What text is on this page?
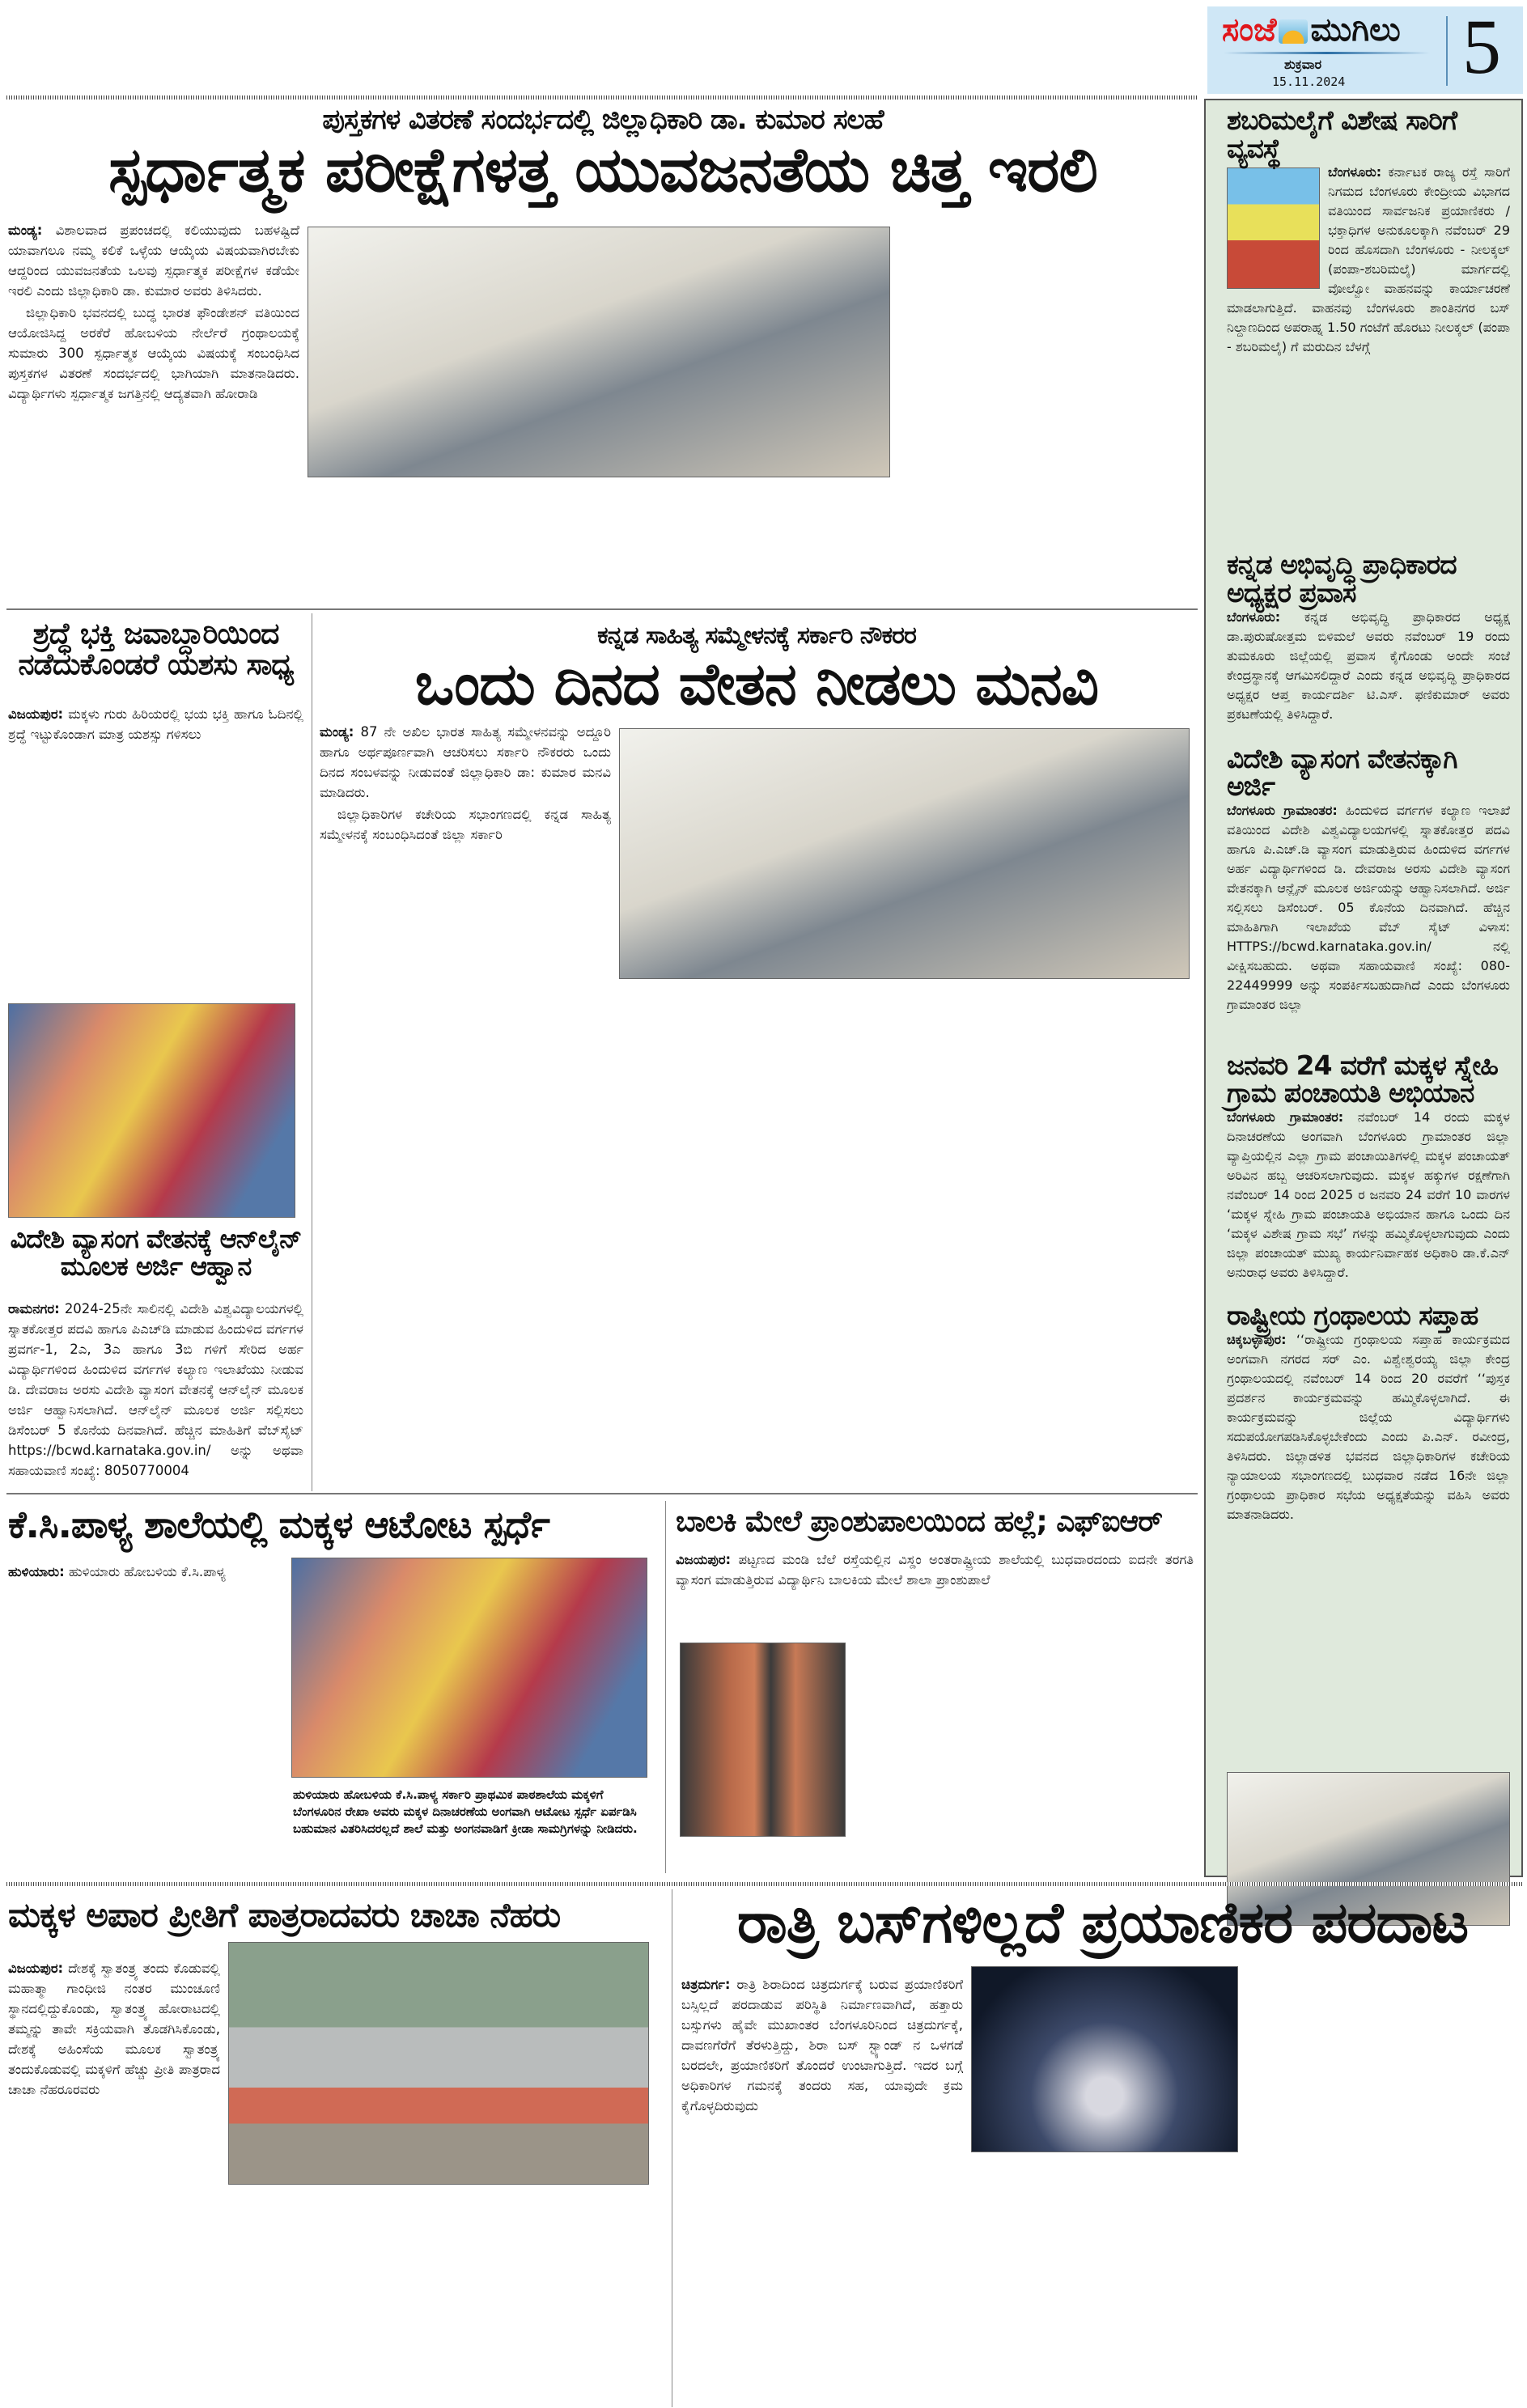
ಸಂಜೆ ಮುಗಿಲು
ಶುಕ್ರವಾರ
15.11.2024 5
ಪುಸ್ತಕಗಳ ವಿತರಣೆ ಸಂದರ್ಭದಲ್ಲಿ ಜಿಲ್ಲಾಧಿಕಾರಿ ಡಾ. ಕುಮಾರ ಸಲಹೆ
ಸ್ಪರ್ಧಾತ್ಮಕ ಪರೀಕ್ಷೆಗಳತ್ತ ಯುವಜನತೆಯ ಚಿತ್ತ ಇರಲಿ

ಮಂಡ್ಯ: ವಿಶಾಲವಾದ ಪ್ರಪಂಚದಲ್ಲಿ ಕಲಿಯುವುದು ಬಹಳಷ್ಟಿದೆ ಯಾವಾಗಲೂ ನಮ್ಮ ಕಲಿಕೆ ಒಳ್ಳೆಯ ಆಯ್ಕೆಯ ವಿಷಯವಾಗಿರಬೇಕು ಆದ್ದರಿಂದ ಯುವಜನತೆಯ ಒಲವು ಸ್ಪರ್ಧಾತ್ಮಕ ಪರೀಕ್ಷೆಗಳ ಕಡೆಯೇ ಇರಲಿ ಎಂದು ಜಿಲ್ಲಾಧಿಕಾರಿ ಡಾ. ಕುಮಾರ ಅವರು ತಿಳಿಸಿದರು.

ಜಿಲ್ಲಾಧಿಕಾರಿ ಭವನದಲ್ಲಿ ಬುದ್ಧ ಭಾರತ ಫೌಂಡೇಶನ್ ವತಿಯಿಂದ ಆಯೋಜಿಸಿದ್ದ ಅರಕೆರೆ ಹೋಬಳಿಯ ನೇರ್ಲೆರೆ ಗ್ರಂಥಾಲಯಕ್ಕೆ ಸುಮಾರು 300 ಸ್ಪರ್ಧಾತ್ಮಕ ಆಯ್ಕೆಯ ವಿಷಯಕ್ಕೆ ಸಂಬಂಧಿಸಿದ ಪುಸ್ತಕಗಳ ವಿತರಣೆ ಸಂದರ್ಭದಲ್ಲಿ ಭಾಗಿಯಾಗಿ ಮಾತನಾಡಿದರು. ವಿದ್ಯಾರ್ಥಿಗಳು ಸ್ಪರ್ಧಾತ್ಮಕ ಜಗತ್ತಿನಲ್ಲಿ ಆದ್ಯತವಾಗಿ ಹೋರಾಡಿ

ಶ್ರದ್ಧೆ ಭಕ್ತಿ ಜವಾಬ್ದಾರಿಯಿಂದ ನಡೆದುಕೊಂಡರೆ ಯಶಸು ಸಾಧ್ಯ

ವಿಜಯಪುರ: ಮಕ್ಕಳು ಗುರು ಹಿರಿಯರಲ್ಲಿ ಭಯ ಭಕ್ತಿ ಹಾಗೂ ಓದಿನಲ್ಲಿ ಶ್ರದ್ಧೆ ಇಟ್ಟುಕೊಂಡಾಗ ಮಾತ್ರ ಯಶಸ್ಸು ಗಳಿಸಲು

ವಿದೇಶಿ ವ್ಯಾಸಂಗ ವೇತನಕ್ಕೆ ಆನ್‌ಲೈನ್ ಮೂಲಕ ಅರ್ಜಿ ಆಹ್ವಾನ

ರಾಮನಗರ: 2024-25ನೇ ಸಾಲಿನಲ್ಲಿ ವಿದೇಶಿ ವಿಶ್ವವಿದ್ಯಾಲಯಗಳಲ್ಲಿ ಸ್ನಾತಕೋತ್ತರ ಪದವಿ ಹಾಗೂ ಪಿಎಚ್‌ಡಿ ಮಾಡುವ ಹಿಂದುಳಿದ ವರ್ಗಗಳ ಪ್ರವರ್ಗ-1, 2ಎ, 3ಎ ಹಾಗೂ 3ಬಿ ಗಳಿಗೆ ಸೇರಿದ ಅರ್ಹ ವಿದ್ಯಾರ್ಥಿಗಳಿಂದ ಹಿಂದುಳಿದ ವರ್ಗಗಳ ಕಲ್ಯಾಣ ಇಲಾಖೆಯು ನೀಡುವ ಡಿ. ದೇವರಾಜ ಅರಸು ವಿದೇಶಿ ವ್ಯಾಸಂಗ ವೇತನಕ್ಕೆ ಆನ್‌ಲೈನ್ ಮೂಲಕ ಅರ್ಜಿ ಆಹ್ವಾನಿಸಲಾಗಿದೆ. ಆನ್‌ಲೈನ್ ಮೂಲಕ ಅರ್ಜಿ ಸಲ್ಲಿಸಲು ಡಿಸೆಂಬರ್ 5 ಕೊನೆಯ ದಿನವಾಗಿದೆ. ಹೆಚ್ಚಿನ ಮಾಹಿತಿಗೆ ವೆಬ್‌ಸೈಟ್ https://bcwd.karnataka.gov.in/ ಅನ್ನು ಅಥವಾ ಸಹಾಯವಾಣಿ ಸಂಖ್ಯೆ: 8050770004

ಕನ್ನಡ ಸಾಹಿತ್ಯ ಸಮ್ಮೇಳನಕ್ಕೆ ಸರ್ಕಾರಿ ನೌಕರರ
ಒಂದು ದಿನದ ವೇತನ ನೀಡಲು ಮನವಿ

ಮಂಡ್ಯ: 87 ನೇ ಅಖಿಲ ಭಾರತ ಸಾಹಿತ್ಯ ಸಮ್ಮೇಳನವನ್ನು ಅದ್ದೂರಿ ಹಾಗೂ ಅರ್ಥಪೂರ್ಣವಾಗಿ ಆಚರಿಸಲು ಸರ್ಕಾರಿ ನೌಕರರು ಒಂದು ದಿನದ ಸಂಬಳವನ್ನು ನೀಡುವಂತೆ ಜಿಲ್ಲಾಧಿಕಾರಿ ಡಾ: ಕುಮಾರ ಮನವಿ ಮಾಡಿದರು.

ಜಿಲ್ಲಾಧಿಕಾರಿಗಳ ಕಚೇರಿಯ ಸಭಾಂಗಣದಲ್ಲಿ ಕನ್ನಡ ಸಾಹಿತ್ಯ ಸಮ್ಮೇಳನಕ್ಕೆ ಸಂಬಂಧಿಸಿದಂತೆ ಜಿಲ್ಲಾ ಸರ್ಕಾರಿ

ಕೆ.ಸಿ.ಪಾಳ್ಯ ಶಾಲೆಯಲ್ಲಿ ಮಕ್ಕಳ ಆಟೋಟ ಸ್ಪರ್ಧೆ

ಹುಳಿಯಾರು: ಹುಳಿಯಾರು ಹೋಬಳಿಯ ಕೆ.ಸಿ.ಪಾಳ್ಯ

ಹುಳಿಯಾರು ಹೋಬಳಿಯ ಕೆ.ಸಿ.ಪಾಳ್ಯ ಸರ್ಕಾರಿ ಪ್ರಾಥಮಿಕ ಪಾಠಶಾಲೆಯ ಮಕ್ಕಳಿಗೆ ಬೆಂಗಳೂರಿನ ರೇಖಾ ಅವರು ಮಕ್ಕಳ ದಿನಾಚರಣೆಯ ಅಂಗವಾಗಿ ಆಟೋಟ ಸ್ಪರ್ಧೆ ಏರ್ಪಡಿಸಿ ಬಹುಮಾನ ವಿತರಿಸಿದರಲ್ಲದೆ ಶಾಲೆ ಮತ್ತು ಅಂಗನವಾಡಿಗೆ ಕ್ರೀಡಾ ಸಾಮಗ್ರಿಗಳನ್ನು ನೀಡಿದರು.
ಬಾಲಕಿ ಮೇಲೆ ಪ್ರಾಂಶುಪಾಲಯಿಂದ ಹಲ್ಲೆ; ಎಫ್‌ಐಆರ್

ವಿಜಯಪುರ: ಪಟ್ಟಣದ ಮಂಡಿ ಬೆಲೆ ರಸ್ತೆಯಲ್ಲಿನ ವಿಸ್ಡಂ ಅಂತರಾಷ್ಟ್ರೀಯ ಶಾಲೆಯಲ್ಲಿ ಬುಧವಾರದಂದು ಐದನೇ ತರಗತಿ ವ್ಯಾಸಂಗ ಮಾಡುತ್ತಿರುವ ವಿದ್ಯಾರ್ಥಿನಿ ಬಾಲಕಿಯ ಮೇಲೆ ಶಾಲಾ ಪ್ರಾಂಶುಪಾಲೆ

ಶಬರಿಮಲೈಗೆ ವಿಶೇಷ ಸಾರಿಗೆ ವ್ಯವಸ್ಥೆ
ಬೆಂಗಳೂರು: ಕರ್ನಾಟಕ ರಾಜ್ಯ ರಸ್ತೆ ಸಾರಿಗೆ ನಿಗಮದ ಬೆಂಗಳೂರು ಕೇಂದ್ರೀಯ ವಿಭಾಗದ ವತಿಯಿಂದ ಸಾರ್ವಜನಿಕ ಪ್ರಯಾಣಿಕರು / ಭಕ್ತಾಧಿಗಳ ಅನುಕೂಲಕ್ಕಾಗಿ ನವೆಂಬರ್ 29 ರಿಂದ ಹೊಸದಾಗಿ ಬೆಂಗಳೂರು - ನೀಲಕ್ಕಲ್ (ಪಂಪಾ-ಶಬರಿಮಲೈ) ಮಾರ್ಗದಲ್ಲಿ ವೋಲ್ವೋ ವಾಹನವನ್ನು ಕಾರ್ಯಾಚರಣೆ ಮಾಡಲಾಗುತ್ತಿದೆ. ವಾಹನವು ಬೆಂಗಳೂರು ಶಾಂತಿನಗರ ಬಸ್ ನಿಲ್ದಾಣದಿಂದ ಅಪರಾಹ್ನ 1.50 ಗಂಟೆಗೆ ಹೊರಟು ನೀಲಕ್ಕಲ್ (ಪಂಪಾ - ಶಬರಿಮಲೈ) ಗೆ ಮರುದಿನ ಬೆಳಗ್ಗೆ
ಕನ್ನಡ ಅಭಿವೃದ್ಧಿ ಪ್ರಾಧಿಕಾರದ ಅಧ್ಯಕ್ಷರ ಪ್ರವಾಸ
ಬೆಂಗಳೂರು: ಕನ್ನಡ ಅಭಿವೃದ್ಧಿ ಪ್ರಾಧಿಕಾರದ ಅಧ್ಯಕ್ಷ ಡಾ.ಪುರುಷೋತ್ತಮ ಬಿಳಿಮಲೆ ಅವರು ನವೆಂಬರ್ 19 ರಂದು ತುಮಕೂರು ಜಿಲ್ಲೆಯಲ್ಲಿ ಪ್ರವಾಸ ಕೈಗೊಂಡು ಅಂದೇ ಸಂಜೆ ಕೇಂದ್ರಸ್ಥಾನಕ್ಕೆ ಆಗಮಿಸಲಿದ್ದಾರೆ ಎಂದು ಕನ್ನಡ ಅಭಿವೃದ್ಧಿ ಪ್ರಾಧಿಕಾರದ ಅಧ್ಯಕ್ಷರ ಆಪ್ತ ಕಾರ್ಯದರ್ಶಿ ಟಿ.ಎಸ್. ಫಣಿಕುಮಾರ್ ಅವರು ಪ್ರಕಟಣೆಯಲ್ಲಿ ತಿಳಿಸಿದ್ದಾರೆ.
ವಿದೇಶಿ ವ್ಯಾಸಂಗ ವೇತನಕ್ಕಾಗಿ ಅರ್ಜಿ
ಬೆಂಗಳೂರು ಗ್ರಾಮಾಂತರ: ಹಿಂದುಳಿದ ವರ್ಗಗಳ ಕಲ್ಯಾಣ ಇಲಾಖೆ ವತಿಯಿಂದ ವಿದೇಶಿ ವಿಶ್ವವಿದ್ಯಾಲಯಗಳಲ್ಲಿ ಸ್ನಾತಕೋತ್ತರ ಪದವಿ ಹಾಗೂ ಪಿ.ಎಚ್.ಡಿ ವ್ಯಾಸಂಗ ಮಾಡುತ್ತಿರುವ ಹಿಂದುಳಿದ ವರ್ಗಗಳ ಅರ್ಹ ವಿದ್ಯಾರ್ಥಿಗಳಿಂದ ಡಿ. ದೇವರಾಜ ಅರಸು ವಿದೇಶಿ ವ್ಯಾಸಂಗ ವೇತನಕ್ಕಾಗಿ ಆನ್ಲೈನ್ ಮೂಲಕ ಅರ್ಜಿಯನ್ನು ಆಹ್ವಾನಿಸಲಾಗಿದೆ. ಅರ್ಜಿ ಸಲ್ಲಿಸಲು ಡಿಸೆಂಬರ್. 05 ಕೊನೆಯ ದಿನವಾಗಿದೆ. ಹೆಚ್ಚಿನ ಮಾಹಿತಿಗಾಗಿ ಇಲಾಖೆಯ ವೆಬ್ ಸೈಟ್ ವಿಳಾಸ: HTTPS://bcwd.karnataka.gov.in/ ನಲ್ಲಿ ವೀಕ್ಷಿಸಬಹುದು. ಅಥವಾ ಸಹಾಯವಾಣಿ ಸಂಖ್ಯೆ: 080-22449999 ಅನ್ನು ಸಂಪರ್ಕಿಸಬಹುದಾಗಿದೆ ಎಂದು ಬೆಂಗಳೂರು ಗ್ರಾಮಾಂತರ ಜಿಲ್ಲಾ
ಜನವರಿ 24 ವರೆಗೆ ಮಕ್ಕಳ ಸ್ನೇಹಿ ಗ್ರಾಮ ಪಂಚಾಯತಿ ಅಭಿಯಾನ
ಬೆಂಗಳೂರು ಗ್ರಾಮಾಂತರ: ನವೆಂಬರ್ 14 ರಂದು ಮಕ್ಕಳ ದಿನಾಚರಣೆಯ ಅಂಗವಾಗಿ ಬೆಂಗಳೂರು ಗ್ರಾಮಾಂತರ ಜಿಲ್ಲಾ ವ್ಯಾಪ್ತಿಯಲ್ಲಿನ ಎಲ್ಲಾ ಗ್ರಾಮ ಪಂಚಾಯಿತಿಗಳಲ್ಲಿ ಮಕ್ಕಳ ಪಂಚಾಯತ್ ಅರಿವಿನ ಹಬ್ಬ ಆಚರಿಸಲಾಗುವುದು. ಮಕ್ಕಳ ಹಕ್ಕುಗಳ ರಕ್ಷಣೆಗಾಗಿ ನವೆಂಬರ್ 14 ರಿಂದ 2025 ರ ಜನವರಿ 24 ವರೆಗೆ 10 ವಾರಗಳ ‘ಮಕ್ಕಳ ಸ್ನೇಹಿ ಗ್ರಾಮ ಪಂಚಾಯತಿ ಅಭಿಯಾನ ಹಾಗೂ ಒಂದು ದಿನ ‘ಮಕ್ಕಳ ವಿಶೇಷ ಗ್ರಾಮ ಸಭೆ’ ಗಳನ್ನು ಹಮ್ಮಿಕೊಳ್ಳಲಾಗುವುದು ಎಂದು ಜಿಲ್ಲಾ ಪಂಚಾಯತ್ ಮುಖ್ಯ ಕಾರ್ಯನಿರ್ವಾಹಕ ಅಧಿಕಾರಿ ಡಾ.ಕೆ.ಎನ್ ಅನುರಾಧ ಅವರು ತಿಳಿಸಿದ್ದಾರೆ.
ರಾಷ್ಟ್ರೀಯ ಗ್ರಂಥಾಲಯ ಸಪ್ತಾಹ
ಚಿಕ್ಕಬಳ್ಳಾಪುರ: ‘‘ರಾಷ್ಟ್ರೀಯ ಗ್ರಂಥಾಲಯ ಸಪ್ತಾಹ ಕಾರ್ಯಕ್ರಮದ ಅಂಗವಾಗಿ ನಗರದ ಸರ್ ಎಂ. ವಿಶ್ವೇಶ್ವರಯ್ಯ ಜಿಲ್ಲಾ ಕೇಂದ್ರ ಗ್ರಂಥಾಲಯದಲ್ಲಿ ನವೆಂಬರ್ 14 ರಿಂದ 20 ರವರೆಗೆ ‘‘ಪುಸ್ತಕ ಪ್ರದರ್ಶನ ಕಾರ್ಯಕ್ರಮವನ್ನು ಹಮ್ಮಿಕೊಳ್ಳಲಾಗಿದೆ. ಈ ಕಾರ್ಯಕ್ರಮವನ್ನು ಜಿಲ್ಲೆಯ ವಿದ್ಯಾರ್ಥಿಗಳು ಸದುಪಯೋಗಪಡಿಸಿಕೊಳ್ಳಬೇಕೆಂದು ಎಂದು ಪಿ.ಎನ್. ರವೀಂದ್ರ, ತಿಳಿಸಿದರು. ಜಿಲ್ಲಾಡಳಿತ ಭವನದ ಜಿಲ್ಲಾಧಿಕಾರಿಗಳ ಕಚೇರಿಯ ನ್ಯಾಯಾಲಯ ಸಭಾಂಗಣದಲ್ಲಿ ಬುಧವಾರ ನಡೆದ 16ನೇ ಜಿಲ್ಲಾ ಗ್ರಂಥಾಲಯ ಪ್ರಾಧಿಕಾರ ಸಭೆಯ ಅಧ್ಯಕ್ಷತೆಯನ್ನು ವಹಿಸಿ ಅವರು ಮಾತನಾಡಿದರು.
ಮಕ್ಕಳ ಅಪಾರ ಪ್ರೀತಿಗೆ ಪಾತ್ರರಾದವರು ಚಾಚಾ ನೆಹರು

ವಿಜಯಪುರ: ದೇಶಕ್ಕೆ ಸ್ವಾತಂತ್ರ್ಯ ತಂದು ಕೊಡುವಲ್ಲಿ ಮಹಾತ್ಮಾ ಗಾಂಧೀಜಿ ನಂತರ ಮುಂಚೂಣಿ ಸ್ಥಾನದಲ್ಲಿದ್ದುಕೊಂಡು, ಸ್ವಾತಂತ್ರ್ಯ ಹೋರಾಟದಲ್ಲಿ ತಮ್ಮನ್ನು ತಾವೇ ಸಕ್ರಿಯವಾಗಿ ತೊಡಗಿಸಿಕೊಂಡು, ದೇಶಕ್ಕೆ ಅಹಿಂಸೆಯ ಮೂಲಕ ಸ್ವಾತಂತ್ರ್ಯ ತಂದುಕೊಡುವಲ್ಲಿ ಮಕ್ಕಳಿಗೆ ಹೆಚ್ಚು ಪ್ರೀತಿ ಪಾತ್ರರಾದ ಚಾಚಾ ನೆಹರೂರವರು

ರಾತ್ರಿ ಬಸ್‌ಗಳಿಲ್ಲದೆ ಪ್ರಯಾಣಿಕರ ಪರದಾಟ

ಚಿತ್ರದುರ್ಗ: ರಾತ್ರಿ ಶಿರಾದಿಂದ ಚಿತ್ರದುರ್ಗಕ್ಕೆ ಬರುವ ಪ್ರಯಾಣಿಕರಿಗೆ ಬಸ್ಸಿಲ್ಲದೆ ಪರದಾಡುವ ಪರಿಸ್ಥಿತಿ ನಿರ್ಮಾಣವಾಗಿದೆ, ಹತ್ತಾರು ಬಸ್ಸುಗಳು ಹೈವೇ ಮುಖಾಂತರ ಬೆಂಗಳೂರಿನಿಂದ ಚಿತ್ರದುರ್ಗಕ್ಕೆ, ದಾವಣಗೆರೆಗೆ ತೆರಳುತ್ತಿದ್ದು, ಶಿರಾ ಬಸ್ ಸ್ಟ್ಯಾಂಡ್ ನ ಒಳಗಡೆ ಬರದಲೇ, ಪ್ರಯಾಣಿಕರಿಗೆ ತೊಂದರೆ ಉಂಟಾಗುತ್ತಿದೆ. ಇದರ ಬಗ್ಗೆ ಅಧಿಕಾರಿಗಳ ಗಮನಕ್ಕೆ ತಂದರು ಸಹ, ಯಾವುದೇ ಕ್ರಮ ಕೈಗೊಳ್ಳದಿರುವುದು
